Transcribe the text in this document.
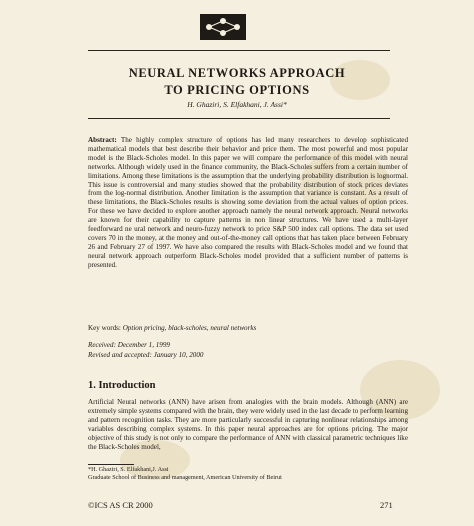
NEURAL NETWORKS APPROACH
TO PRICING OPTIONS
H. Ghaziri, S. Elfakhani, J. Assi*
Abstract: The highly complex structure of options has led many researchers to develop sophisticated mathematical models that best describe their behavior and price them. The most powerful and most popular model is the Black-Scholes model. In this paper we will compare the performance of this model with neural networks. Although widely used in the finance community, the Black-Scholes suffers from a certain number of limitations. Among these limitations is the assumption that the underlying probability distribution is lognormal. This issue is controversial and many studies showed that the probability distribution of stock prices deviates from the log-normal distribution. Another limitation is the assumption that variance is constant. As a result of these limitations, the Black-Scholes results is showing some deviation from the actual values of option prices. For these we have decided to explore another approach namely the neural network approach. Neural networks are known for their capability to capture patterns in non linear structures. We have used a multi-layer feedforward ne ural network and neuro-fuzzy network to price S&P 500 index call options. The data set used covers 70 in the money, at the money and out-of-the-money call options that has taken place between February 26 and February 27 of 1997. We have also compared the results with Black-Scholes model and we found that neural network approach outperform Black-Scholes model provided that a sufficient number of patterns is presented.
Key words: Option pricing, black-scholes, neural networks
Received: December 1, 1999
Revised and accepted: January 10, 2000
1. Introduction
Artificial Neural networks (ANN) have arisen from analogies with the brain models. Although (ANN) are extremely simple systems compared with the brain, they were widely used in the last decade to perform learning and pattern recognition tasks. They are more particularly successful in capturing nonlinear relationships among variables describing complex systems. In this paper neural approaches are for options pricing. The major objective of this study is not only to compare the performance of ANN with classical parametric techniques like the Black-Scholes model,
*H. Ghaziri, S. Elfakhani,J. Assi
Graduate School of Business and management, American University of Beirut
©ICS AS CR 2000	271
